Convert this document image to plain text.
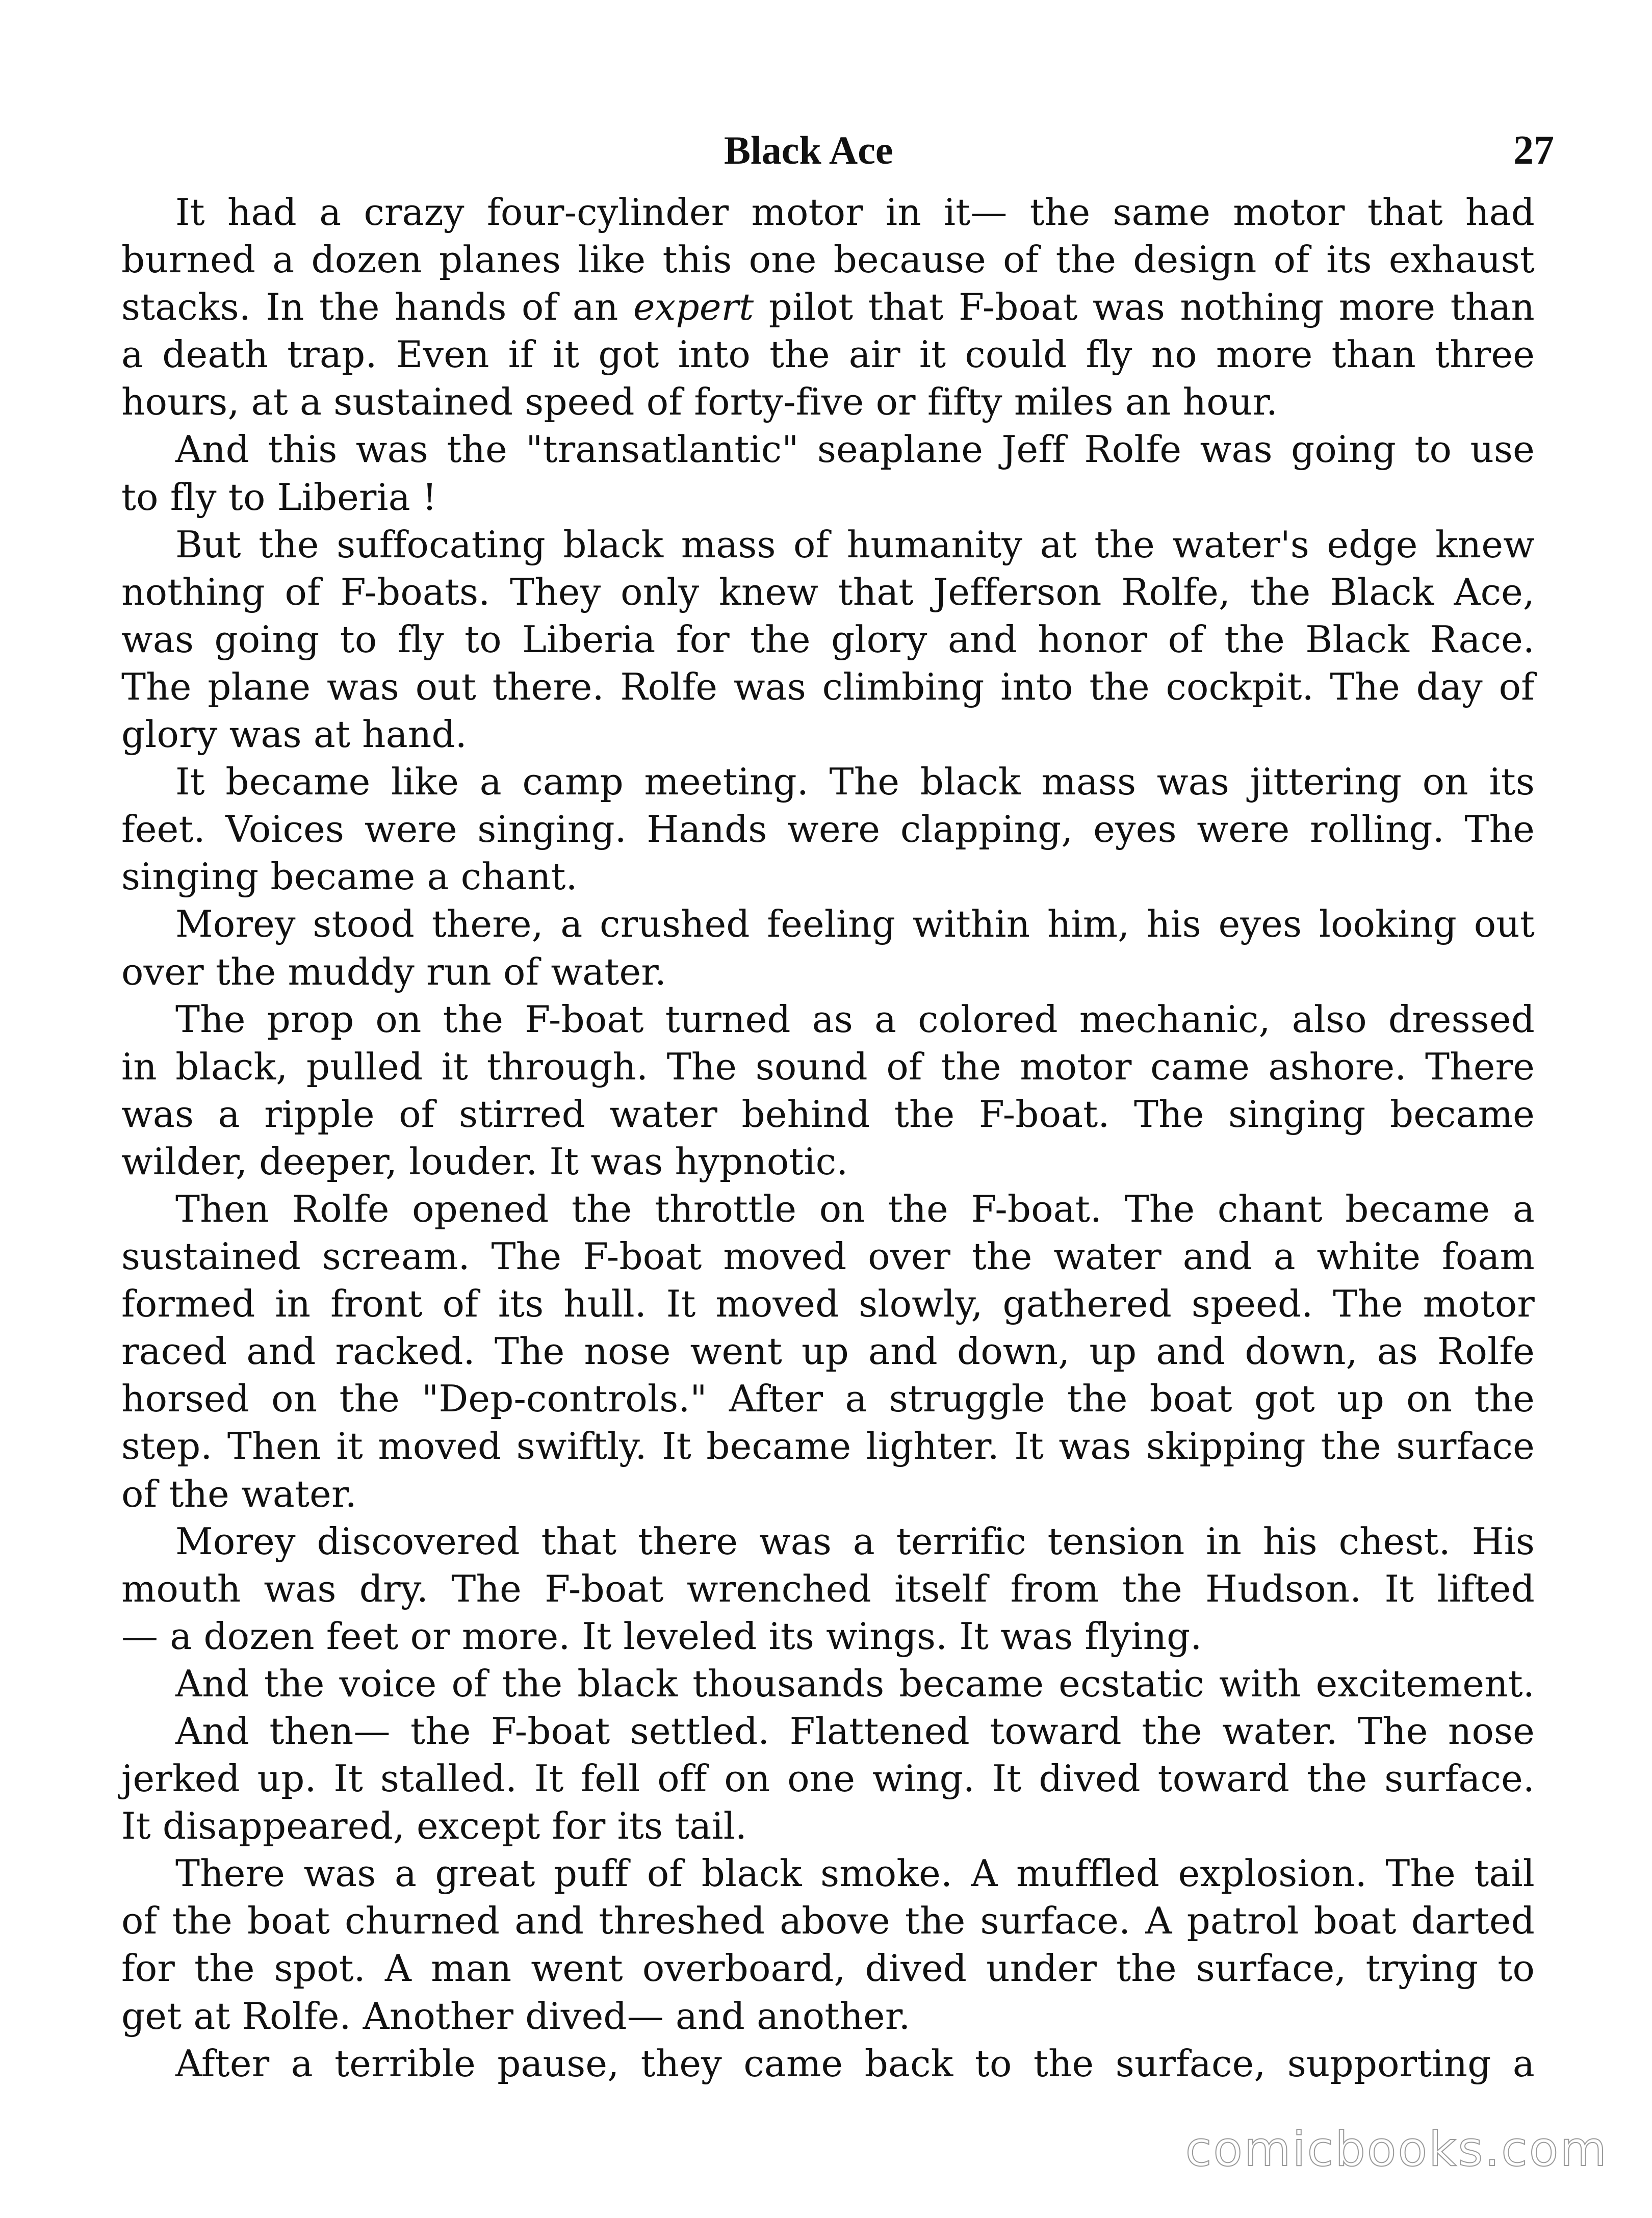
Black Ace	27
It had a crazy four-cylinder motor in it— the same motor that had
burned a dozen planes like this one because of the design of its exhaust
stacks. In the hands of an expert pilot that F-boat was nothing more than
a death trap. Even if it got into the air it could fly no more than three
hours, at a sustained speed of forty-five or fifty miles an hour.
And this was the "transatlantic" seaplane Jeff Rolfe was going to use
to fly to Liberia !
But the suffocating black mass of humanity at the water's edge knew
nothing of F-boats. They only knew that Jefferson Rolfe, the Black Ace,
was going to fly to Liberia for the glory and honor of the Black Race.
The plane was out there. Rolfe was climbing into the cockpit. The day of
glory was at hand.
It became like a camp meeting. The black mass was jittering on its
feet. Voices were singing. Hands were clapping, eyes were rolling. The
singing became a chant.
Morey stood there, a crushed feeling within him, his eyes looking out
over the muddy run of water.
The prop on the F-boat turned as a colored mechanic, also dressed
in black, pulled it through. The sound of the motor came ashore. There
was a ripple of stirred water behind the F-boat. The singing became
wilder, deeper, louder. It was hypnotic.
Then Rolfe opened the throttle on the F-boat. The chant became a
sustained scream. The F-boat moved over the water and a white foam
formed in front of its hull. It moved slowly, gathered speed. The motor
raced and racked. The nose went up and down, up and down, as Rolfe
horsed on the "Dep-controls." After a struggle the boat got up on the
step. Then it moved swiftly. It became lighter. It was skipping the surface
of the water.
Morey discovered that there was a terrific tension in his chest. His
mouth was dry. The F-boat wrenched itself from the Hudson. It lifted
— a dozen feet or more. It leveled its wings. It was flying.
And the voice of the black thousands became ecstatic with excitement.
And then— the F-boat settled. Flattened toward the water. The nose
jerked up. It stalled. It fell off on one wing. It dived toward the surface.
It disappeared, except for its tail.
There was a great puff of black smoke. A muffled explosion. The tail
of the boat churned and threshed above the surface. A patrol boat darted
for the spot. A man went overboard, dived under the surface, trying to
get at Rolfe. Another dived— and another.
After a terrible pause, they came back to the surface, supporting a
comicbooks.com
